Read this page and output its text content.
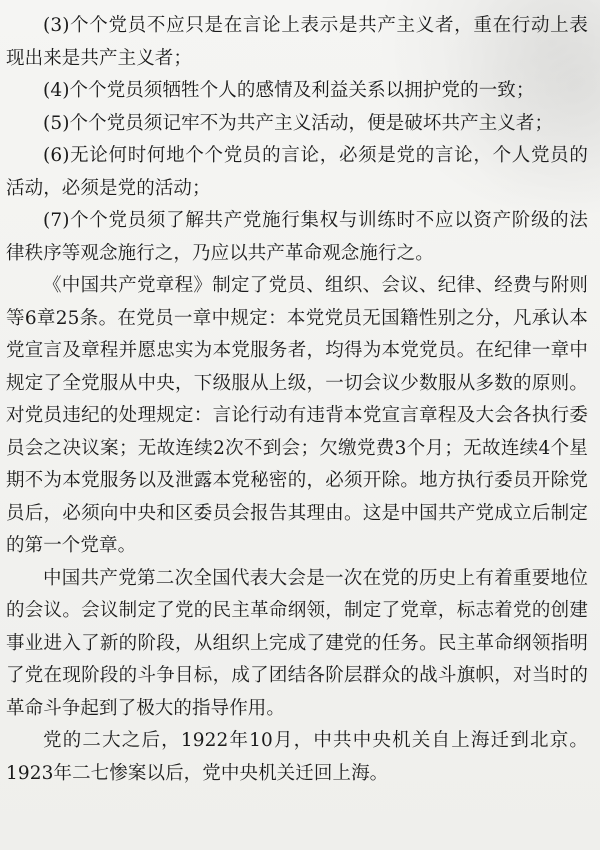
(3)个个党员不应只是在言论上表示是共产主义者，重在行动上表现出来是共产主义者；

(4)个个党员须牺牲个人的感情及利益关系以拥护党的一致；

(5)个个党员须记牢不为共产主义活动，便是破坏共产主义者；

(6)无论何时何地个个党员的言论，必须是党的言论，个人党员的活动，必须是党的活动；

(7)个个党员须了解共产党施行集权与训练时不应以资产阶级的法律秩序等观念施行之，乃应以共产革命观念施行之。

《中国共产党章程》制定了党员、组织、会议、纪律、经费与附则等6章25条。在党员一章中规定：本党党员无国籍性别之分，凡承认本党宣言及章程并愿忠实为本党服务者，均得为本党党员。在纪律一章中规定了全党服从中央，下级服从上级，一切会议少数服从多数的原则。对党员违纪的处理规定：言论行动有违背本党宣言章程及大会各执行委员会之决议案；无故连续2次不到会；欠缴党费3个月；无故连续4个星期不为本党服务以及泄露本党秘密的，必须开除。地方执行委员开除党员后，必须向中央和区委员会报告其理由。这是中国共产党成立后制定的第一个党章。

中国共产党第二次全国代表大会是一次在党的历史上有着重要地位的会议。会议制定了党的民主革命纲领，制定了党章，标志着党的创建事业进入了新的阶段，从组织上完成了建党的任务。民主革命纲领指明了党在现阶段的斗争目标，成了团结各阶层群众的战斗旗帜，对当时的革命斗争起到了极大的指导作用。

党的二大之后，1922年10月，中共中央机关自上海迁到北京。1923年二七惨案以后，党中央机关迁回上海。
